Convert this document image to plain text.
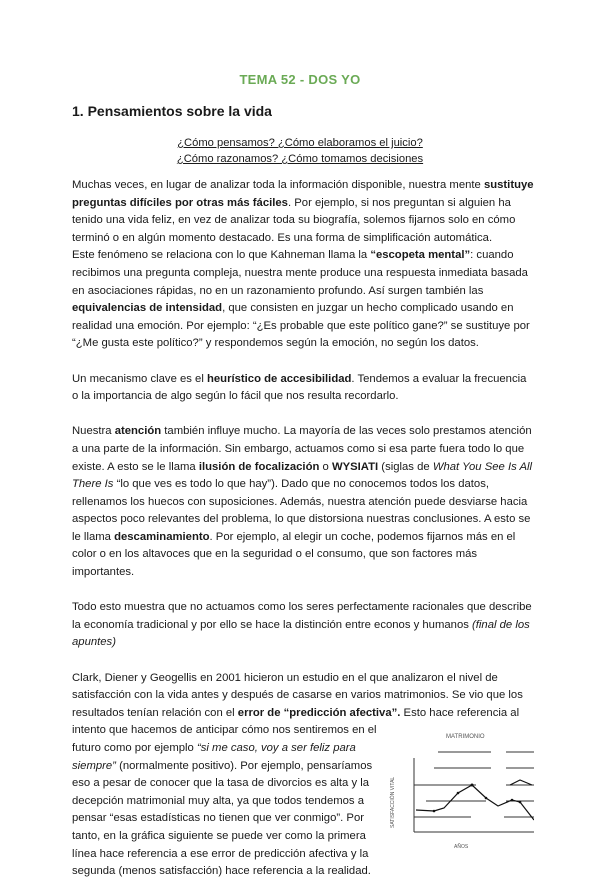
TEMA 52 - DOS YO
1. Pensamientos sobre la vida
¿Cómo pensamos? ¿Cómo elaboramos el juicio?
¿Cómo razonamos? ¿Cómo tomamos decisiones

Muchas veces, en lugar de analizar toda la información disponible, nuestra mente sustituye preguntas difíciles por otras más fáciles. Por ejemplo, si nos preguntan si alguien ha tenido una vida feliz, en vez de analizar toda su biografía, solemos fijarnos solo en cómo terminó o en algún momento destacado. Es una forma de simplificación automática.
Este fenómeno se relaciona con lo que Kahneman llama la “escopeta mental”: cuando recibimos una pregunta compleja, nuestra mente produce una respuesta inmediata basada en asociaciones rápidas, no en un razonamiento profundo. Así surgen también las equivalencias de intensidad, que consisten en juzgar un hecho complicado usando en realidad una emoción. Por ejemplo: “¿Es probable que este político gane?” se sustituye por “¿Me gusta este político?” y respondemos según la emoción, no según los datos.

Un mecanismo clave es el heurístico de accesibilidad. Tendemos a evaluar la frecuencia o la importancia de algo según lo fácil que nos resulta recordarlo.

Nuestra atención también influye mucho. La mayoría de las veces solo prestamos atención a una parte de la información. Sin embargo, actuamos como si esa parte fuera todo lo que existe. A esto se le llama ilusión de focalización o WYSIATI (siglas de What You See Is All There Is “lo que ves es todo lo que hay”). Dado que no conocemos todos los datos, rellenamos los huecos con suposiciones. Además, nuestra atención puede desviarse hacia aspectos poco relevantes del problema, lo que distorsiona nuestras conclusiones. A esto se le llama descaminamiento. Por ejemplo, al elegir un coche, podemos fijarnos más en el color o en los altavoces que en la seguridad o el consumo, que son factores más importantes.

Todo esto muestra que no actuamos como los seres perfectamente racionales que describe la economía tradicional y por ello se hace la distinción entre econos y humanos (final de los apuntes)

Clark, Diener y Geogellis en 2001 hicieron un estudio en el que analizaron el nivel de satisfacción con la vida antes y después de casarse en varios matrimonios. Se vio que los resultados tenían relación con el error de “predicción afectiva”. Esto hace referencia al

MATRIMONIO
SATISFACCIÓN VITAL
AÑOS
intento que hacemos de anticipar cómo nos sentiremos en el
futuro como por ejemplo “si me caso, voy a ser feliz para siempre” (normalmente positivo). Por ejemplo, pensaríamos eso a pesar de conocer que la tasa de divorcios es alta y la decepción matrimonial muy alta, ya que todos tendemos a pensar “esas estadísticas no tienen que ver conmigo”. Por tanto, en la gráfica siguiente se puede ver como la primera línea hace referencia a ese error de predicción afectiva y la segunda (menos satisfacción) hace referencia a la realidad.
